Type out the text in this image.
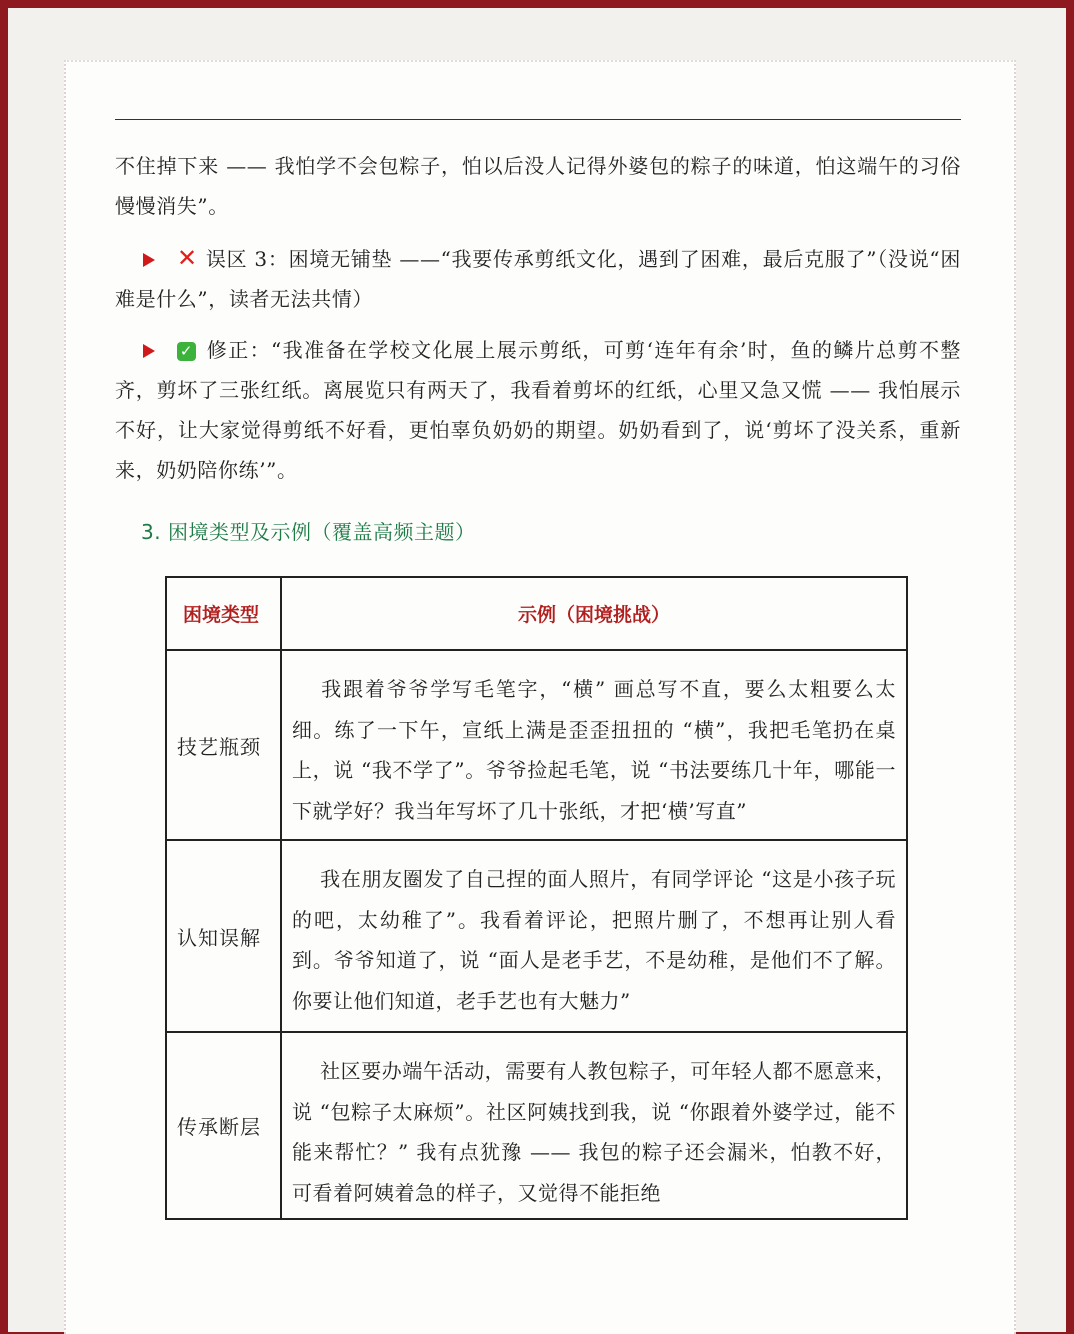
不住掉下来 —— 我怕学不会包粽子，怕以后没人记得外婆包的粽子的味道，怕这端午的习俗慢慢消失”。
✕ 误区 3：困境无铺垫 ——“我要传承剪纸文化，遇到了困难，最后克服了”（没说“困难是什么”，读者无法共情）
✓ 修正：“我准备在学校文化展上展示剪纸，可剪‘连年有余’时，鱼的鳞片总剪不整齐，剪坏了三张红纸。离展览只有两天了，我看着剪坏的红纸，心里又急又慌 —— 我怕展示不好，让大家觉得剪纸不好看，更怕辜负奶奶的期望。奶奶看到了，说‘剪坏了没关系，重新来，奶奶陪你练’”。
3. 困境类型及示例（覆盖高频主题）
困境类型	示例（困境挑战）
技艺瓶颈	我跟着爷爷学写毛笔字，“横” 画总写不直，要么太粗要么太细。练了一下午，宣纸上满是歪歪扭扭的 “横”，我把毛笔扔在桌上，说 “我不学了”。爷爷捡起毛笔，说 “书法要练几十年，哪能一下就学好？我当年写坏了几十张纸，才把‘横’写直”
认知误解	我在朋友圈发了自己捏的面人照片，有同学评论 “这是小孩子玩的吧，太幼稚了”。我看着评论，把照片删了，不想再让别人看到。爷爷知道了，说 “面人是老手艺，不是幼稚，是他们不了解。你要让他们知道，老手艺也有大魅力”
传承断层	社区要办端午活动，需要有人教包粽子，可年轻人都不愿意来，说 “包粽子太麻烦”。社区阿姨找到我，说 “你跟着外婆学过，能不能来帮忙？” 我有点犹豫 —— 我包的粽子还会漏米，怕教不好，可看着阿姨着急的样子，又觉得不能拒绝
